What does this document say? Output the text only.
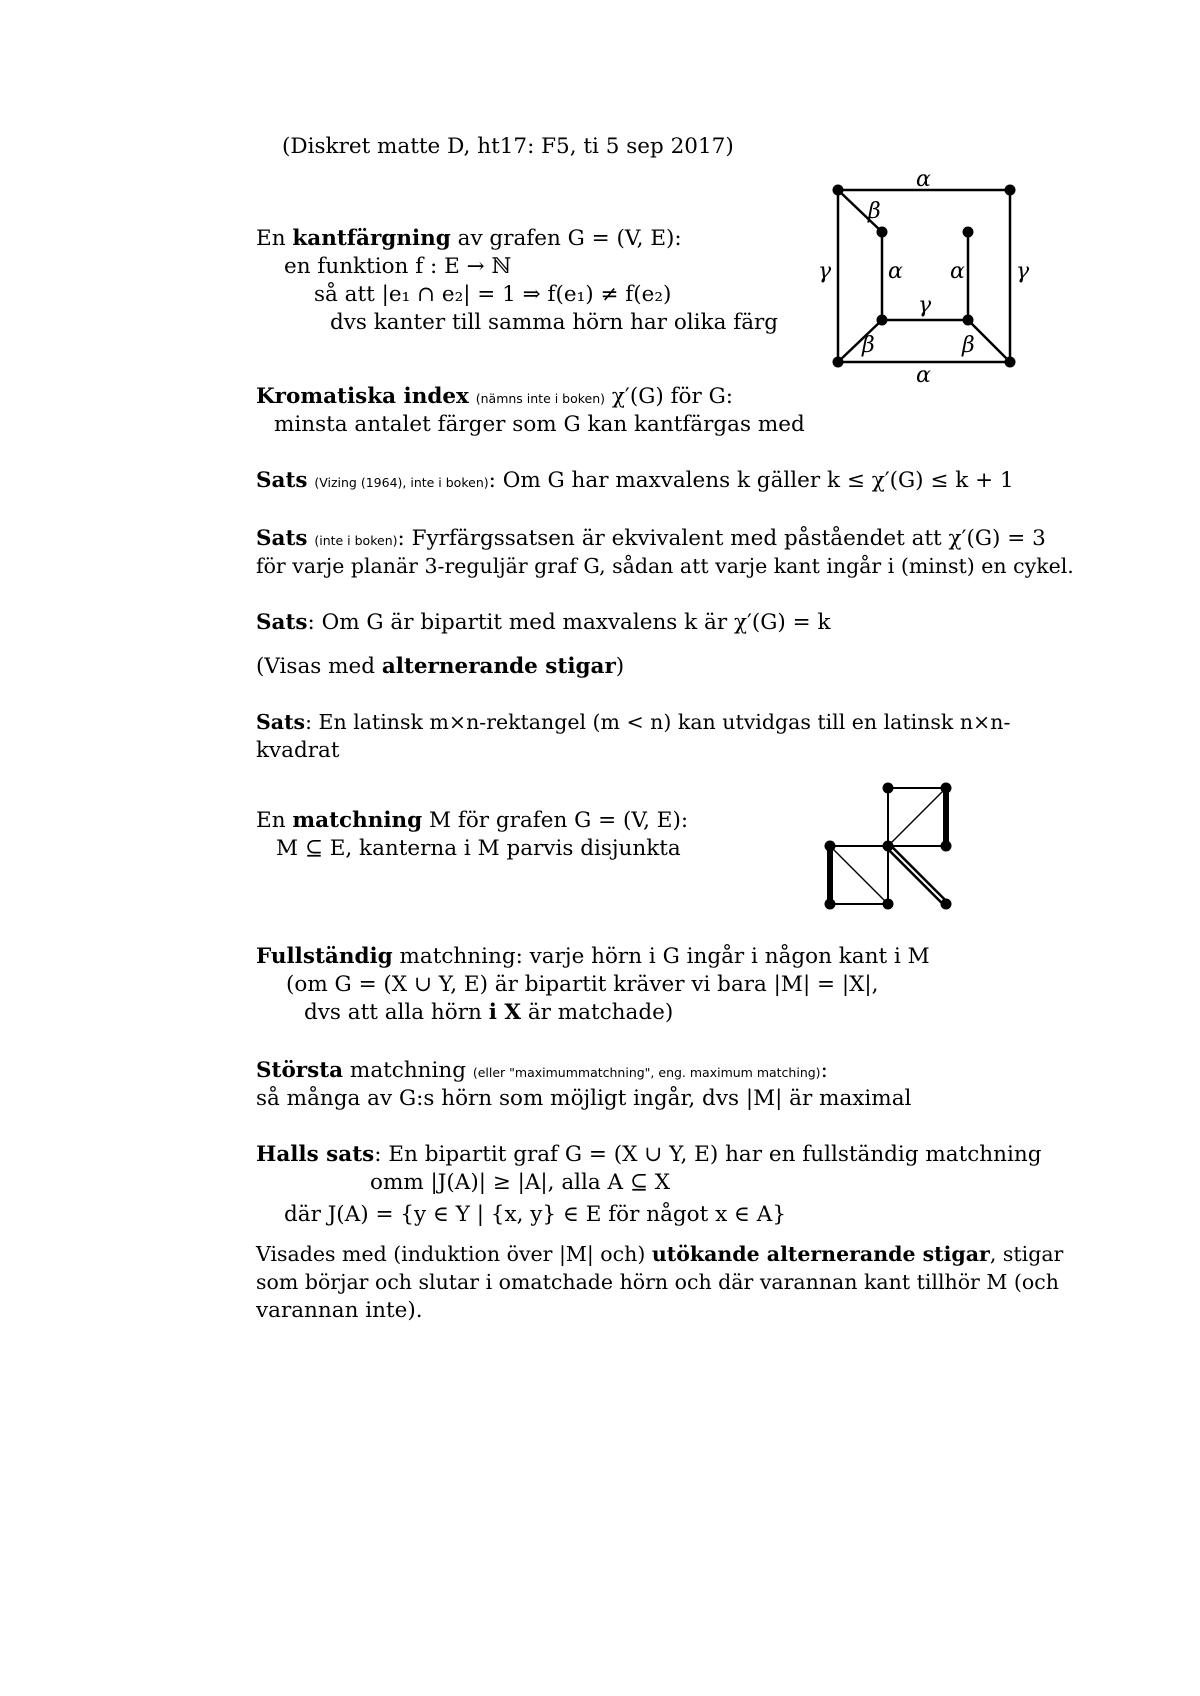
(Diskret matte D, ht17: F5, ti 5 sep 2017)
En kantfärgning av grafen G = (V, E):
en funktion f : E → ℕ
så att |e₁ ∩ e₂| = 1 ⇒ f(e₁) ≠ f(e₂)
dvs kanter till samma hörn har olika färg
α
β
γ	α α γ
γ
β	β
α
Kromatiska index (nämns inte i boken) χ′(G) för G:
minsta antalet färger som G kan kantfärgas med
Sats (Vizing (1964), inte i boken): Om G har maxvalens k gäller k ≤ χ′(G) ≤ k + 1
Sats (inte i boken): Fyrfärgssatsen är ekvivalent med påståendet att χ′(G) = 3
för varje planär 3-reguljär graf G, sådan att varje kant ingår i (minst) en cykel.
Sats: Om G är bipartit med maxvalens k är χ′(G) = k
(Visas med alternerande stigar)
Sats: En latinsk m×n-rektangel (m < n) kan utvidgas till en latinsk n×n-
kvadrat
En matchning M för grafen G = (V, E):
M ⊆ E, kanterna i M parvis disjunkta
Fullständig matchning: varje hörn i G ingår i någon kant i M
(om G = (X ∪ Y, E) är bipartit kräver vi bara |M| = |X|,
dvs att alla hörn i X är matchade)
Största matchning (eller "maximummatchning", eng. maximum matching):
så många av G:s hörn som möjligt ingår, dvs |M| är maximal
Halls sats: En bipartit graf G = (X ∪ Y, E) har en fullständig matchning
omm |J(A)| ≥ |A|, alla A ⊆ X
där J(A) = {y ∈ Y | {x, y} ∈ E för något x ∈ A}
Visades med (induktion över |M| och) utökande alternerande stigar, stigar
som börjar och slutar i omatchade hörn och där varannan kant tillhör M (och
varannan inte).
